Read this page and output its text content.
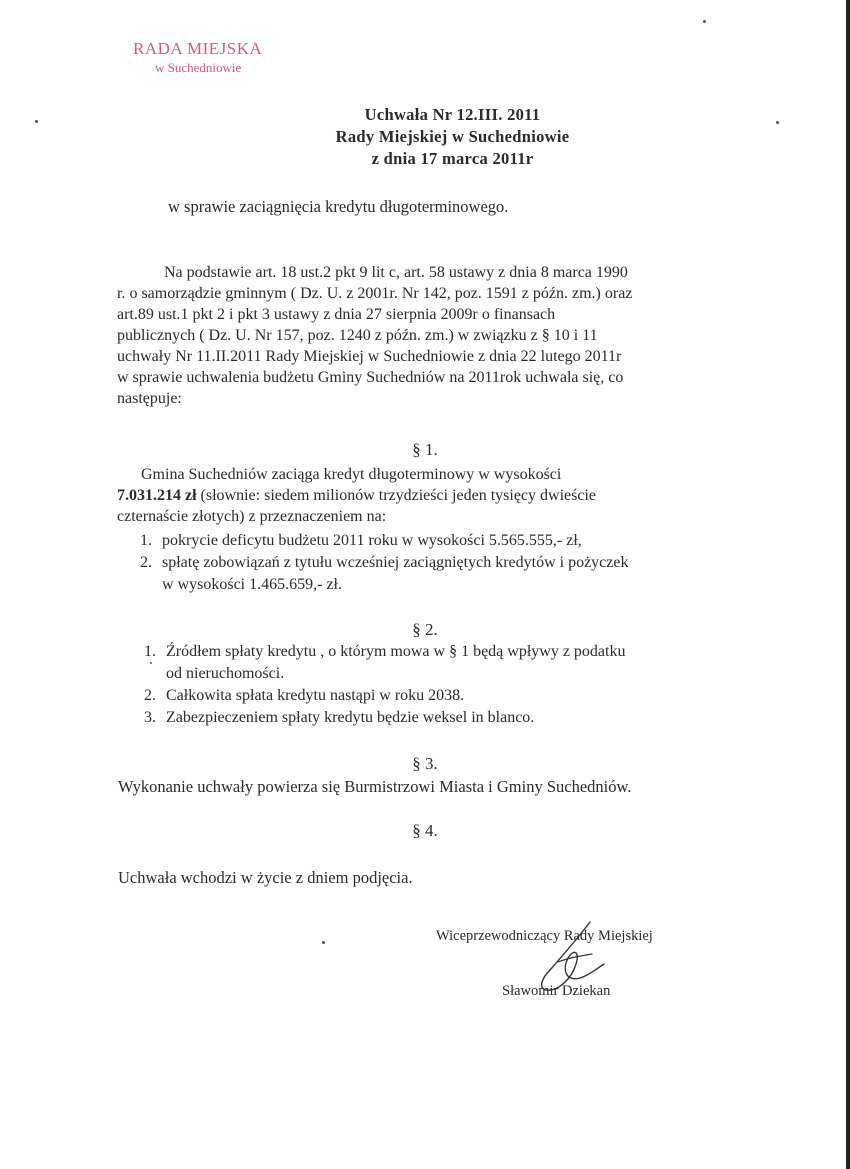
RADA MIEJSKA
w Suchedniowie
Uchwała Nr 12.III. 2011
Rady Miejskiej w Suchedniowie
z dnia 17 marca 2011r
w sprawie zaciągnięcia kredytu długoterminowego.
Na podstawie art. 18 ust.2 pkt 9 lit c, art. 58 ustawy z dnia 8 marca 1990
r. o samorządzie gminnym ( Dz. U. z 2001r. Nr 142, poz. 1591 z późn. zm.) oraz
art.89 ust.1 pkt 2 i pkt 3 ustawy z dnia 27 sierpnia 2009r o finansach
publicznych ( Dz. U. Nr 157, poz. 1240 z późn. zm.) w związku z § 10 i 11
uchwały Nr 11.II.2011 Rady Miejskiej w Suchedniowie z dnia 22 lutego 2011r
w sprawie uchwalenia budżetu Gminy Suchedniów na 2011rok uchwala się, co
następuje:
§ 1.
Gmina Suchedniów zaciąga kredyt długoterminowy w wysokości
7.031.214 zł (słownie: siedem milionów trzydzieści jeden tysięcy dwieście
czternaście złotych) z przeznaczeniem na:
1. pokrycie deficytu budżetu 2011 roku w wysokości 5.565.555,- zł,
2. spłatę zobowiązań z tytułu wcześniej zaciągniętych kredytów i pożyczek
w wysokości 1.465.659,- zł.
§ 2.
1. Źródłem spłaty kredytu , o którym mowa w § 1 będą wpływy z podatku
od nieruchomości.
2. Całkowita spłata kredytu nastąpi w roku 2038.
3. Zabezpieczeniem spłaty kredytu będzie weksel in blanco.
§ 3.
Wykonanie uchwały powierza się Burmistrzowi Miasta i Gminy Suchedniów.
§ 4.
Uchwała wchodzi w życie z dniem podjęcia.
Wiceprzewodniczący Rady Miejskiej
Sławomir Dziekan
